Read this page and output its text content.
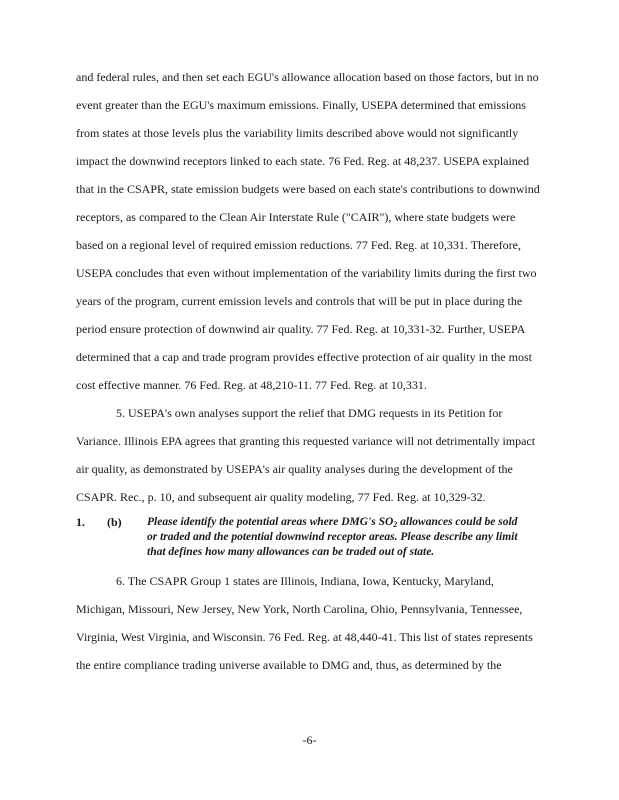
and federal rules, and then set each EGU's allowance allocation based on those factors, but in no
event greater than the EGU's maximum emissions. Finally, USEPA determined that emissions
from states at those levels plus the variability limits described above would not significantly
impact the downwind receptors linked to each state. 76 Fed. Reg. at 48,237. USEPA explained
that in the CSAPR, state emission budgets were based on each state's contributions to downwind
receptors, as compared to the Clean Air Interstate Rule ("CAIR"), where state budgets were
based on a regional level of required emission reductions. 77 Fed. Reg. at 10,331. Therefore,
USEPA concludes that even without implementation of the variability limits during the first two
years of the program, current emission levels and controls that will be put in place during the
period ensure protection of downwind air quality. 77 Fed. Reg. at 10,331-32. Further, USEPA
determined that a cap and trade program provides effective protection of air quality in the most
cost effective manner. 76 Fed. Reg. at 48,210-11. 77 Fed. Reg. at 10,331.
5. USEPA's own analyses support the relief that DMG requests in its Petition for
Variance. Illinois EPA agrees that granting this requested variance will not detrimentally impact
air quality, as demonstrated by USEPA's air quality analyses during the development of the
CSAPR. Rec., p. 10, and subsequent air quality modeling, 77 Fed. Reg. at 10,329-32.
1. (b) Please identify the potential areas where DMG's $SO_2$ allowances could be sold
or traded and the potential downwind receptor areas. Please describe any limit
that defines how many allowances can be traded out of state.
6. The CSAPR Group 1 states are Illinois, Indiana, Iowa, Kentucky, Maryland,
Michigan, Missouri, New Jersey, New York, North Carolina, Ohio, Pennsylvania, Tennessee,
Virginia, West Virginia, and Wisconsin. 76 Fed. Reg. at 48,440-41. This list of states represents
the entire compliance trading universe available to DMG and, thus, as determined by the
-6-
